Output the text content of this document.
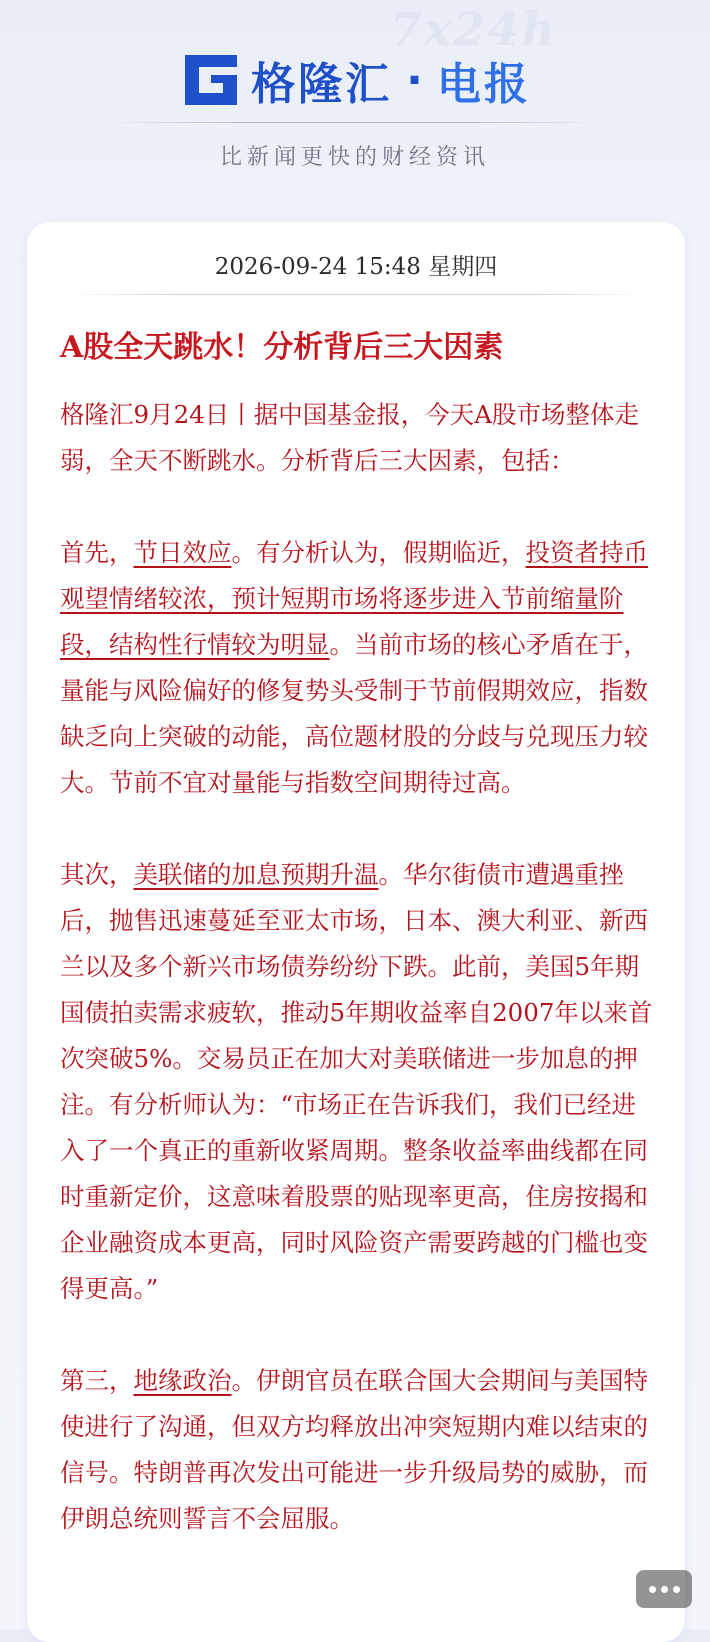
7x24h
格隆汇 · 电报
比新闻更快的财经资讯
2026-09-24 15:48 星期四
A股全天跳水！分析背后三大因素

格隆汇9月24日丨据中国基金报，今天A股市场整体走弱，全天不断跳水。分析背后三大因素，包括：

首先，节日效应。有分析认为，假期临近，投资者持币观望情绪较浓，预计短期市场将逐步进入节前缩量阶段，结构性行情较为明显。当前市场的核心矛盾在于，量能与风险偏好的修复势头受制于节前假期效应，指数缺乏向上突破的动能，高位题材股的分歧与兑现压力较大。节前不宜对量能与指数空间期待过高。

其次，美联储的加息预期升温。华尔街债市遭遇重挫后，抛售迅速蔓延至亚太市场，日本、澳大利亚、新西兰以及多个新兴市场债券纷纷下跌。此前，美国5年期国债拍卖需求疲软，推动5年期收益率自2007年以来首次突破5%。交易员正在加大对美联储进一步加息的押注。有分析师认为：“市场正在告诉我们，我们已经进入了一个真正的重新收紧周期。整条收益率曲线都在同时重新定价，这意味着股票的贴现率更高，住房按揭和企业融资成本更高，同时风险资产需要跨越的门槛也变得更高。”

第三，地缘政治。伊朗官员在联合国大会期间与美国特使进行了沟通，但双方均释放出冲突短期内难以结束的信号。特朗普再次发出可能进一步升级局势的威胁，而伊朗总统则誓言不会屈服。
